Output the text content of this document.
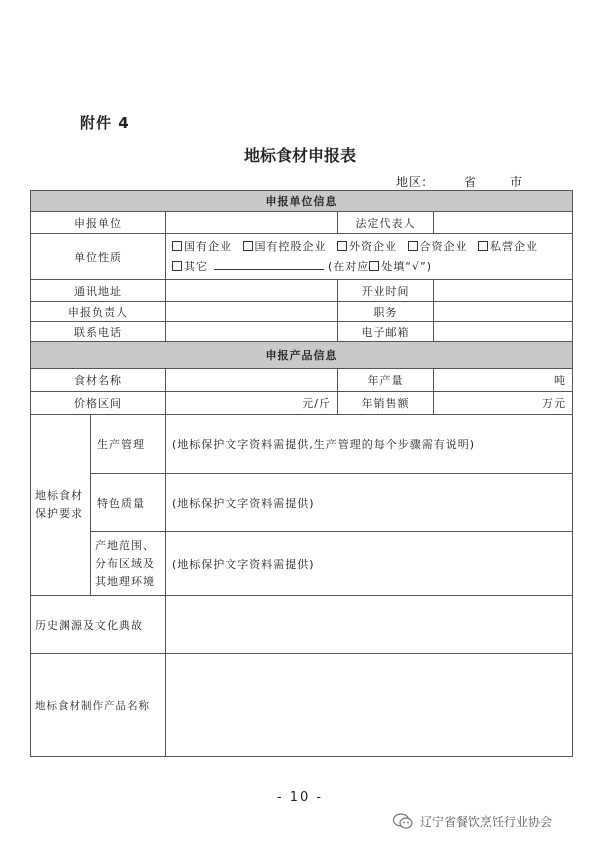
附件 4
地标食材申报表
地区:	省	市
申报单位信息				
申报单位			法定代表人	
单位性质		国有企业 国有控股企业 外资企业 合资企业 私营企业
其它 (在对应 处填“√”)		
通讯地址			开业时间	
申报负责人			职务	
联系电话			电子邮箱	
申报产品信息				
食材名称			年产量	吨
价格区间		元/斤	年销售额	万元
地标食材保护要求	生产管理	(地标保护文字资料需提供,生产管理的每个步骤需有说明)		
	特色质量	(地标保护文字资料需提供)		
	产地范围、分布区域及其地理环境	(地标保护文字资料需提供)		
历史渊源及文化典故				
地标食材制作产品名称				
- 10 -
辽宁省餐饮烹饪行业协会
